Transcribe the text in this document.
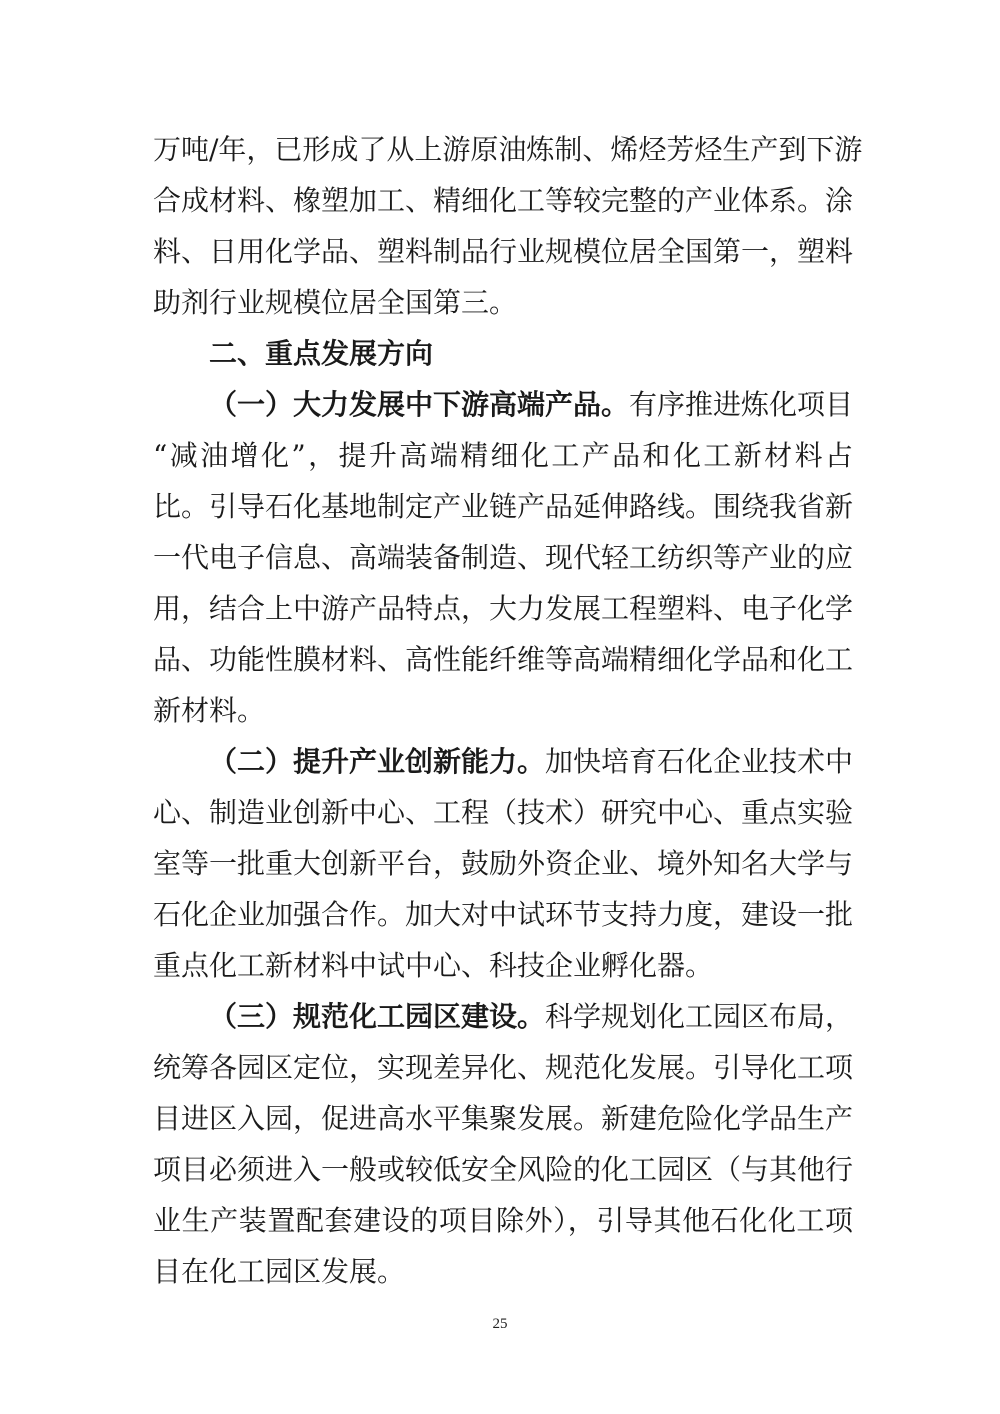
万吨/年，已形成了从上游原油炼制、烯烃芳烃生产到下游
合成材料、橡塑加工、精细化工等较完整的产业体系。涂
料、日用化学品、塑料制品行业规模位居全国第一，塑料
助剂行业规模位居全国第三。
二、重点发展方向
（一）大力发展中下游高端产品。有序推进炼化项目
“减油增化”，提升高端精细化工产品和化工新材料占
比。引导石化基地制定产业链产品延伸路线。围绕我省新
一代电子信息、高端装备制造、现代轻工纺织等产业的应
用，结合上中游产品特点，大力发展工程塑料、电子化学
品、功能性膜材料、高性能纤维等高端精细化学品和化工
新材料。
（二）提升产业创新能力。加快培育石化企业技术中
心、制造业创新中心、工程（技术）研究中心、重点实验
室等一批重大创新平台，鼓励外资企业、境外知名大学与
石化企业加强合作。加大对中试环节支持力度，建设一批
重点化工新材料中试中心、科技企业孵化器。
（三）规范化工园区建设。科学规划化工园区布局，
统筹各园区定位，实现差异化、规范化发展。引导化工项
目进区入园，促进高水平集聚发展。新建危险化学品生产
项目必须进入一般或较低安全风险的化工园区（与其他行
业生产装置配套建设的项目除外），引导其他石化化工项
目在化工园区发展。
25
